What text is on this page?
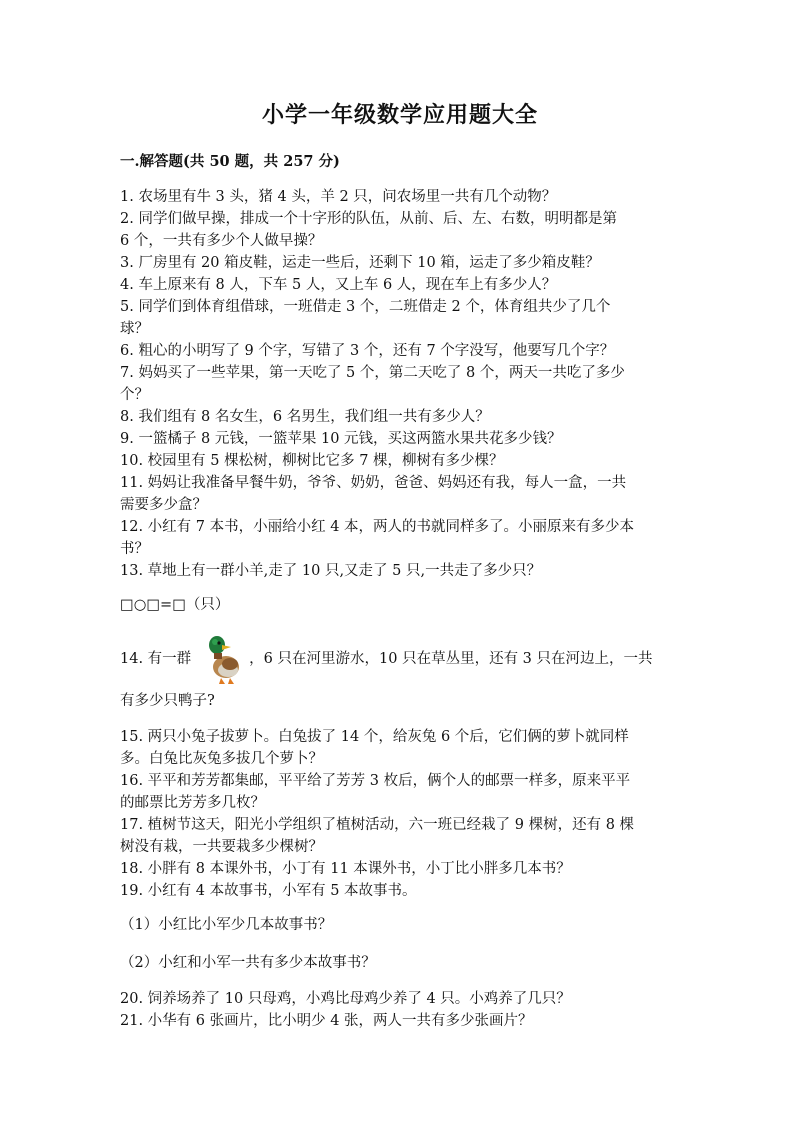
小学一年级数学应用题大全
一.解答题(共 50 题，共 257 分)

1. 农场里有牛 3 头，猪 4 头，羊 2 只，问农场里一共有几个动物？

2. 同学们做早操，排成一个十字形的队伍，从前、后、左、右数，明明都是第

6 个，一共有多少个人做早操？

3. 厂房里有 20 箱皮鞋，运走一些后，还剩下 10 箱，运走了多少箱皮鞋？

4. 车上原来有 8 人，下车 5 人，又上车 6 人，现在车上有多少人？

5. 同学们到体育组借球，一班借走 3 个，二班借走 2 个，体育组共少了几个

球？

6. 粗心的小明写了 9 个字，写错了 3 个，还有 7 个字没写，他要写几个字？

7. 妈妈买了一些苹果，第一天吃了 5 个，第二天吃了 8 个，两天一共吃了多少

个？

8. 我们组有 8 名女生，6 名男生，我们组一共有多少人？

9. 一篮橘子 8 元钱，一篮苹果 10 元钱，买这两篮水果共花多少钱？

10. 校园里有 5 棵松树，柳树比它多 7 棵，柳树有多少棵？

11. 妈妈让我准备早餐牛奶，爷爷、奶奶，爸爸、妈妈还有我，每人一盒，一共

需要多少盒？

12. 小红有 7 本书，小丽给小红 4 本，两人的书就同样多了。小丽原来有多少本

书？

13. 草地上有一群小羊,走了 10 只,又走了 5 只,一共走了多少只？

□○□=□（只）

14. 有一群	，6 只在河里游水，10 只在草丛里，还有 3 只在河边上，一共

有多少只鸭子?

15. 两只小兔子拔萝卜。白兔拔了 14 个，给灰兔 6 个后，它们俩的萝卜就同样

多。白兔比灰兔多拔几个萝卜？

16. 平平和芳芳都集邮，平平给了芳芳 3 枚后，俩个人的邮票一样多，原来平平

的邮票比芳芳多几枚？

17. 植树节这天，阳光小学组织了植树活动，六一班已经栽了 9 棵树，还有 8 棵

树没有栽，一共要栽多少棵树？

18. 小胖有 8 本课外书，小丁有 11 本课外书，小丁比小胖多几本书？

19. 小红有 4 本故事书，小军有 5 本故事书。

（1）小红比小军少几本故事书？

（2）小红和小军一共有多少本故事书？

20. 饲养场养了 10 只母鸡，小鸡比母鸡少养了 4 只。小鸡养了几只？

21. 小华有 6 张画片，比小明少 4 张，两人一共有多少张画片？
